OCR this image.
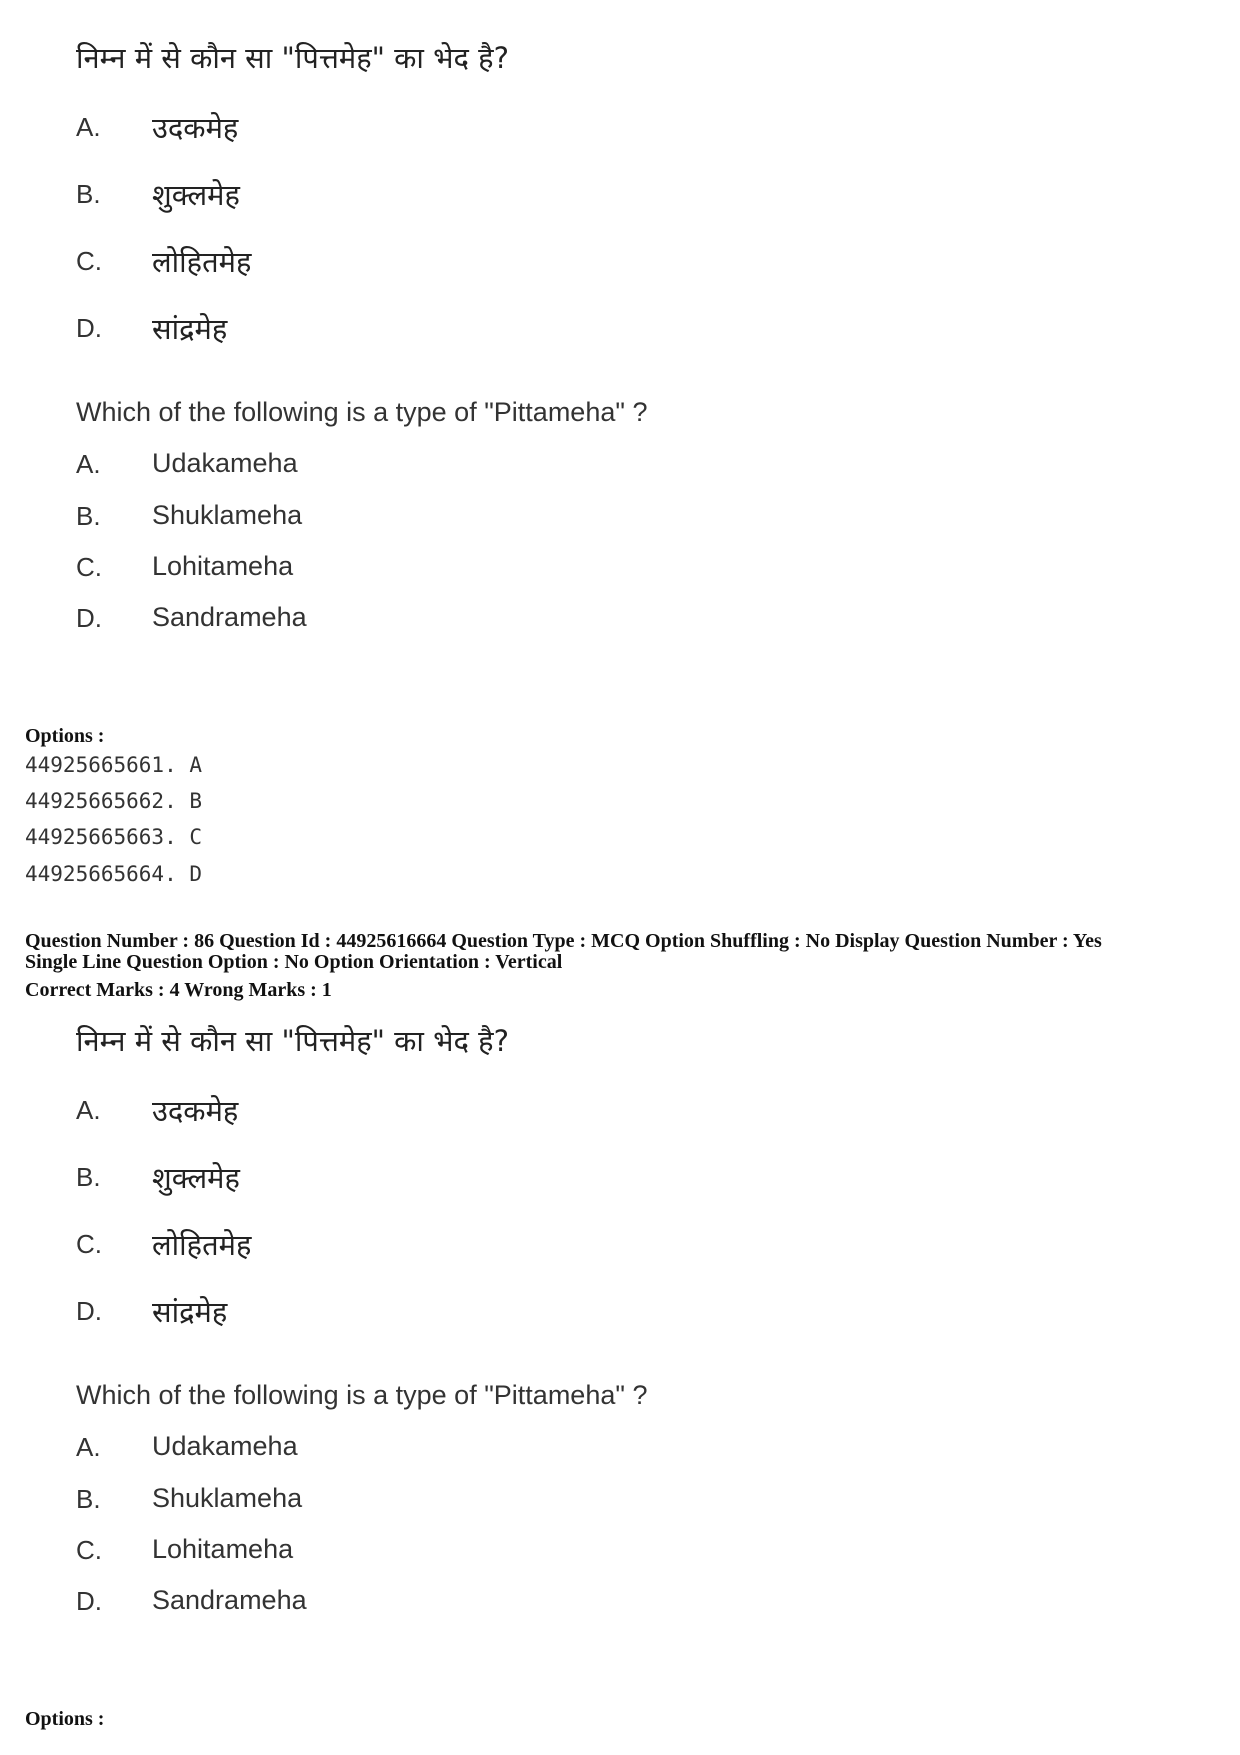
निम्न में से कौन सा "पित्तमेह" का भेद है?
A. उदकमेह
B. शुक्लमेह
C. लोहितमेह
D. सांद्रमेह
Which of the following is a type of "Pittameha" ?
A. Udakameha
B. Shuklameha
C. Lohitameha
D. Sandrameha
Options :
44925665661. A
44925665662. B
44925665663. C
44925665664. D
Question Number : 86 Question Id : 44925616664 Question Type : MCQ Option Shuffling : No Display Question Number : Yes
Single Line Question Option : No Option Orientation : Vertical
Correct Marks : 4 Wrong Marks : 1
निम्न में से कौन सा "पित्तमेह" का भेद है?
A. उदकमेह
B. शुक्लमेह
C. लोहितमेह
D. सांद्रमेह
Which of the following is a type of "Pittameha" ?
A. Udakameha
B. Shuklameha
C. Lohitameha
D. Sandrameha
Options :
